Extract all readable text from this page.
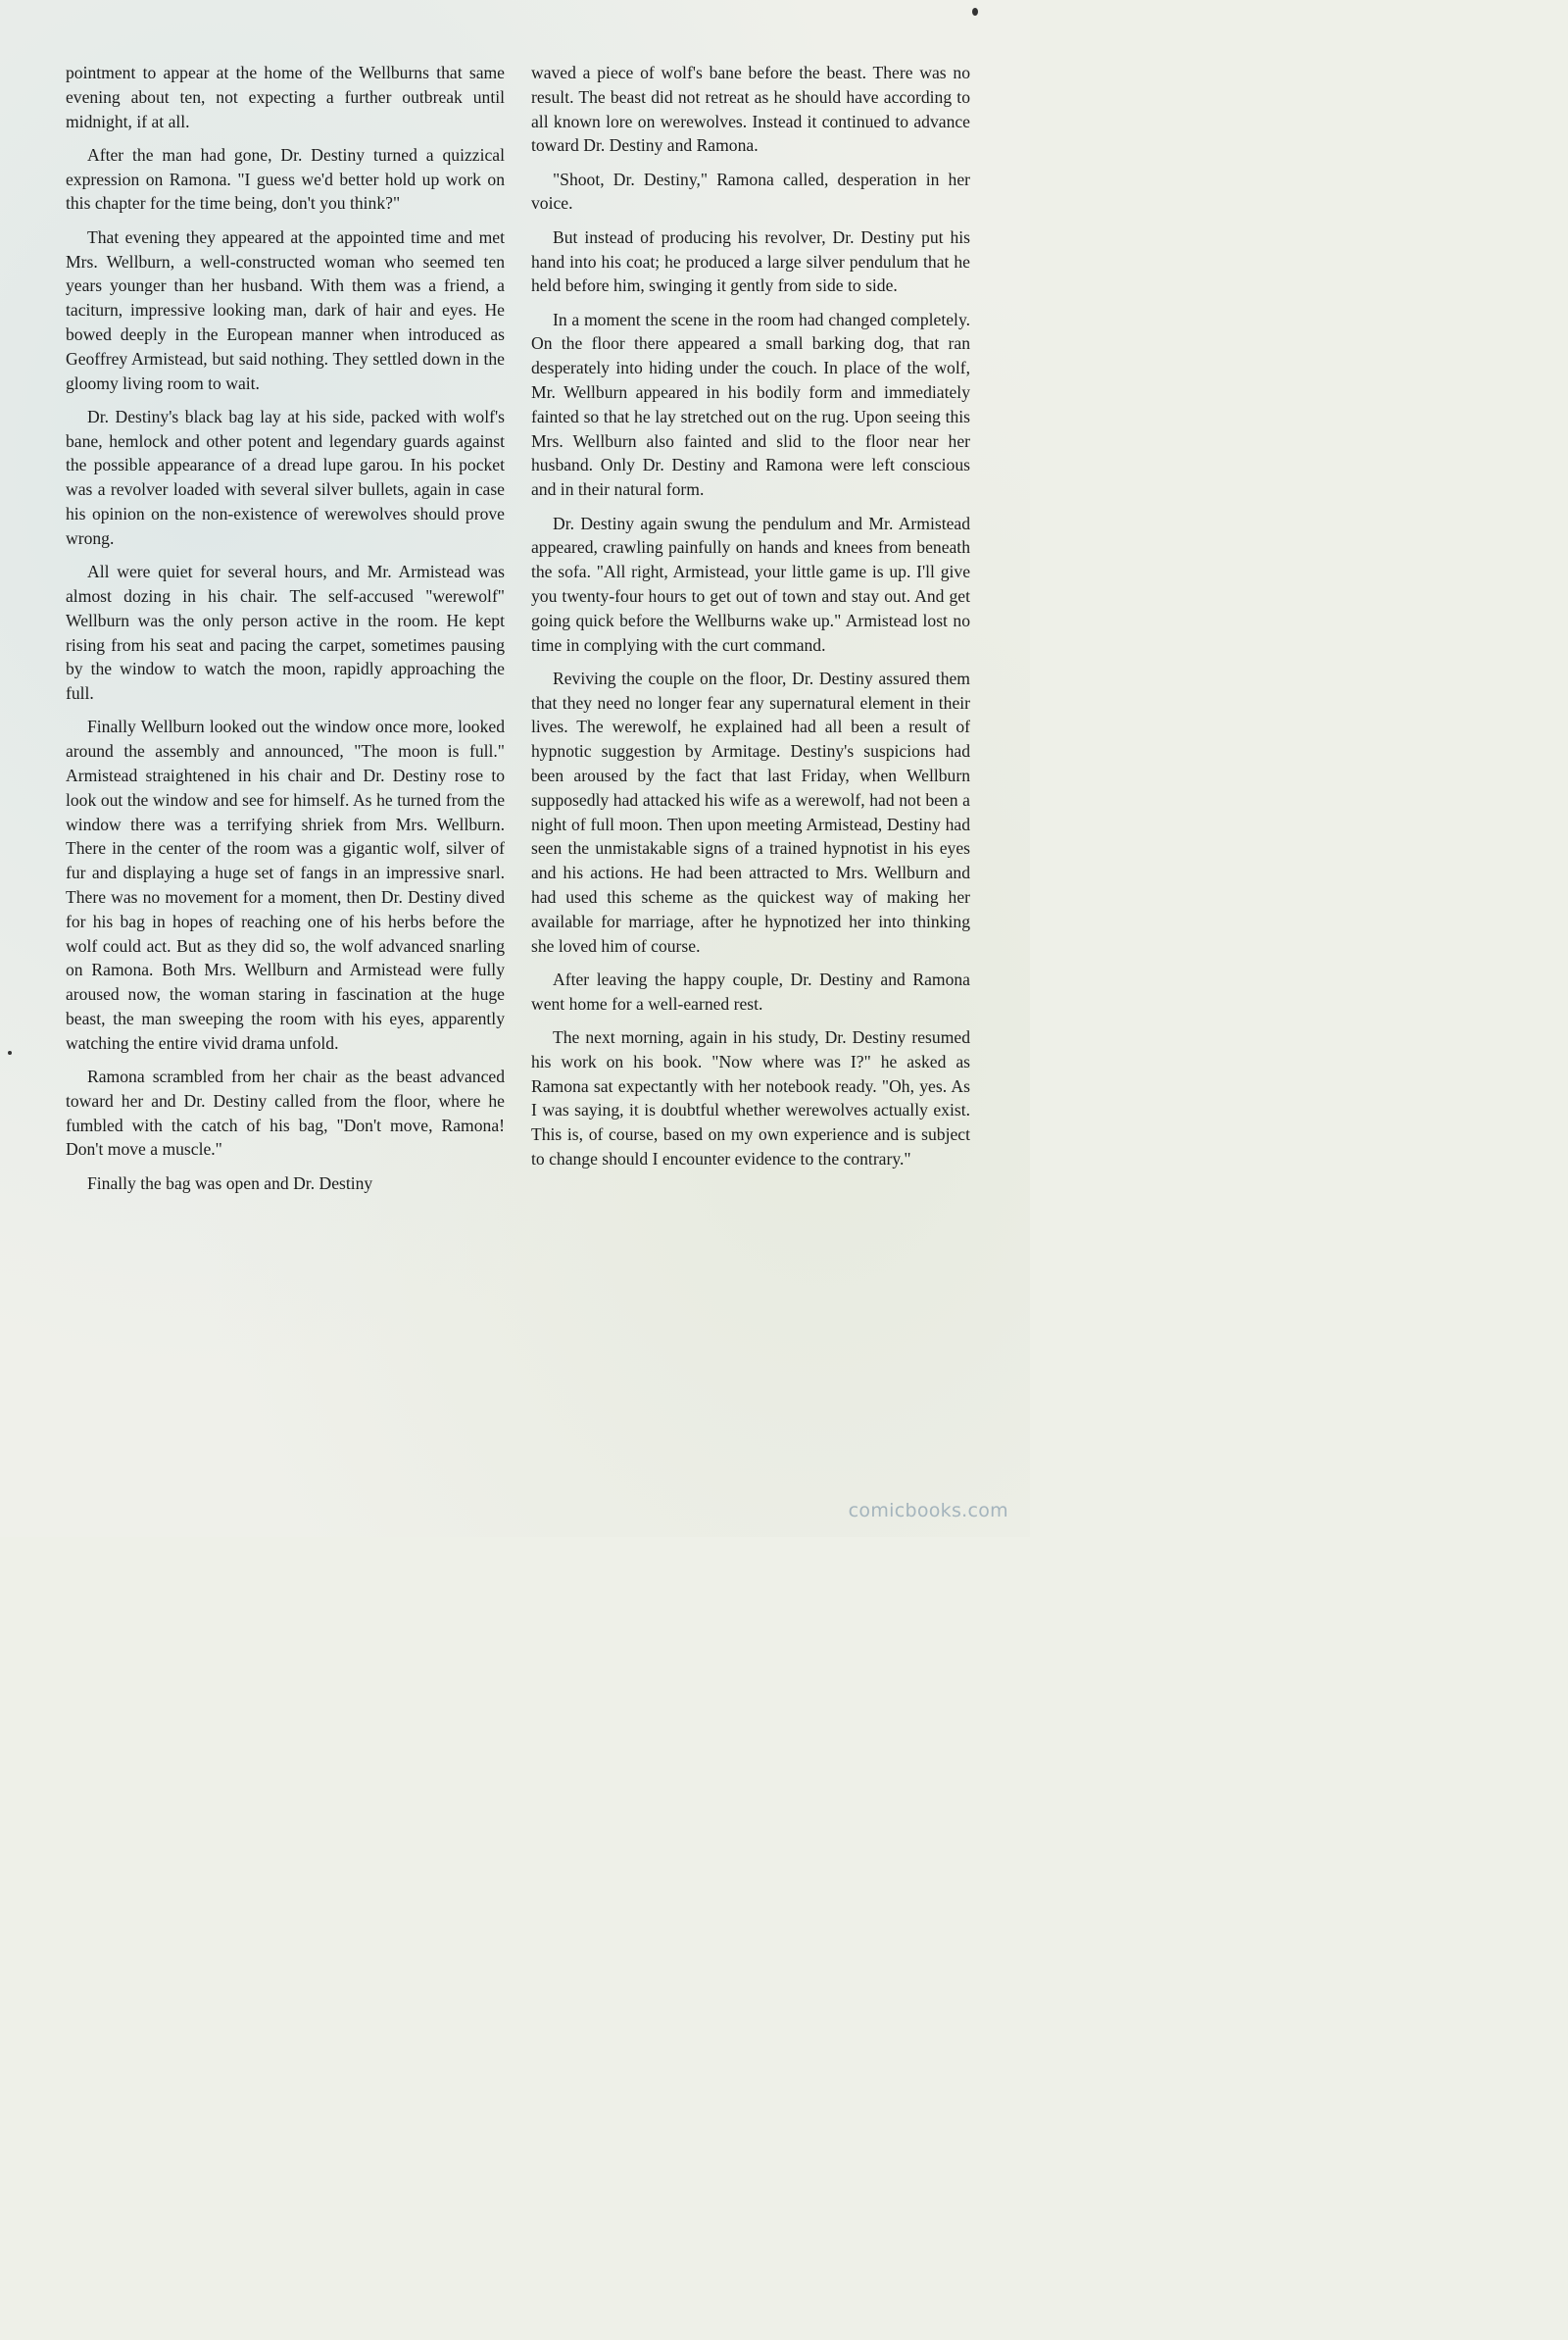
pointment to appear at the home of the Wellburns that same evening about ten, not expecting a further outbreak until midnight, if at all.

After the man had gone, Dr. Destiny turned a quizzical expression on Ramona. "I guess we'd better hold up work on this chapter for the time being, don't you think?"

That evening they appeared at the appointed time and met Mrs. Wellburn, a well-constructed woman who seemed ten years younger than her husband. With them was a friend, a taciturn, impressive looking man, dark of hair and eyes. He bowed deeply in the European manner when introduced as Geoffrey Armistead, but said nothing. They settled down in the gloomy living room to wait.

Dr. Destiny's black bag lay at his side, packed with wolf's bane, hemlock and other potent and legendary guards against the possible appearance of a dread lupe garou. In his pocket was a revolver loaded with several silver bullets, again in case his opinion on the non-existence of werewolves should prove wrong.

All were quiet for several hours, and Mr. Armistead was almost dozing in his chair. The self-accused "werewolf" Wellburn was the only person active in the room. He kept rising from his seat and pacing the carpet, sometimes pausing by the window to watch the moon, rapidly approaching the full.

Finally Wellburn looked out the window once more, looked around the assembly and announced, "The moon is full." Armistead straightened in his chair and Dr. Destiny rose to look out the window and see for himself. As he turned from the window there was a terrifying shriek from Mrs. Wellburn. There in the center of the room was a gigantic wolf, silver of fur and displaying a huge set of fangs in an impressive snarl. There was no movement for a moment, then Dr. Destiny dived for his bag in hopes of reaching one of his herbs before the wolf could act. But as they did so, the wolf advanced snarling on Ramona. Both Mrs. Wellburn and Armistead were fully aroused now, the woman staring in fascination at the huge beast, the man sweeping the room with his eyes, apparently watching the entire vivid drama unfold.

Ramona scrambled from her chair as the beast advanced toward her and Dr. Destiny called from the floor, where he fumbled with the catch of his bag, "Don't move, Ramona! Don't move a muscle."

Finally the bag was open and Dr. Destiny

waved a piece of wolf's bane before the beast. There was no result. The beast did not retreat as he should have according to all known lore on werewolves. Instead it continued to advance toward Dr. Destiny and Ramona.

"Shoot, Dr. Destiny," Ramona called, desperation in her voice.

But instead of producing his revolver, Dr. Destiny put his hand into his coat; he produced a large silver pendulum that he held before him, swinging it gently from side to side.

In a moment the scene in the room had changed completely. On the floor there appeared a small barking dog, that ran desperately into hiding under the couch. In place of the wolf, Mr. Wellburn appeared in his bodily form and immediately fainted so that he lay stretched out on the rug. Upon seeing this Mrs. Wellburn also fainted and slid to the floor near her husband. Only Dr. Destiny and Ramona were left conscious and in their natural form.

Dr. Destiny again swung the pendulum and Mr. Armistead appeared, crawling painfully on hands and knees from beneath the sofa. "All right, Armistead, your little game is up. I'll give you twenty-four hours to get out of town and stay out. And get going quick before the Wellburns wake up." Armistead lost no time in complying with the curt command.

Reviving the couple on the floor, Dr. Destiny assured them that they need no longer fear any supernatural element in their lives. The werewolf, he explained had all been a result of hypnotic suggestion by Armitage. Destiny's suspicions had been aroused by the fact that last Friday, when Wellburn supposedly had attacked his wife as a werewolf, had not been a night of full moon. Then upon meeting Armistead, Destiny had seen the unmistakable signs of a trained hypnotist in his eyes and his actions. He had been attracted to Mrs. Wellburn and had used this scheme as the quickest way of making her available for marriage, after he hypnotized her into thinking she loved him of course.

After leaving the happy couple, Dr. Destiny and Ramona went home for a well-earned rest.

The next morning, again in his study, Dr. Destiny resumed his work on his book. "Now where was I?" he asked as Ramona sat expectantly with her notebook ready. "Oh, yes. As I was saying, it is doubtful whether werewolves actually exist. This is, of course, based on my own experience and is subject to change should I encounter evidence to the contrary."

comicbooks.com
